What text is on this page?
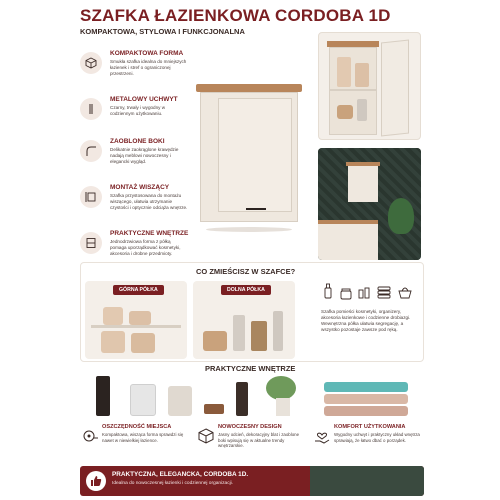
SZAFKA ŁAZIENKOWA CORDOBA 1D
KOMPAKTOWA, STYLOWA I FUNKCJONALNA
KOMPAKTOWA FORMA
Smukła szafka idealna do mniejszych łazienek i stref o ograniczonej przestrzeni.
METALOWY UCHWYT
Czarny, trwały i wygodny w codziennym użytkowaniu.
ZAOBLONE BOKI
Delikatnie zaokrąglone krawędzie nadają meblowi nowoczesny i elegancki wygląd.
MONTAŻ WISZĄCY
Szafka przystosowana do montażu wiszącego, ułatwia utrzymanie czystości i optycznie odciąża wnętrze.
PRAKTYCZNE WNĘTRZE
Jednodrzwiowa forma z półką pomaga uporządkować kosmetyki, akcesoria i drobne przedmioty.
CO ZMIEŚCISZ W SZAFCE?
GÓRNA PÓŁKA	DOLNA PÓŁKA
Szafka pomieści kosmetyki, organizery, akcesoria łazienkowe i codzienne drobiazgi. Wewnętrzna półka ułatwia segregację, a wszystko pozostaje zawsze pod ręką.
PRAKTYCZNE WNĘTRZE
OSZCZĘDNOŚĆ MIEJSCA
Kompaktowa, wisząca forma sprawdzi się nawet w niewielkiej łazience.
NOWOCZESNY DESIGN
Jasny odcień, dekoracyjny blat i zaoblone boki wpisują się w aktualne trendy wnętrzarskie.
KOMFORT UŻYTKOWANIA
Wygodny uchwyt i praktyczny układ wnętrza sprawiają, że łatwo dbać o porządek.
PRAKTYCZNA, ELEGANCKA, CORDOBA 1D.
Idealna do nowoczesnej łazienki i codziennej organizacji.
